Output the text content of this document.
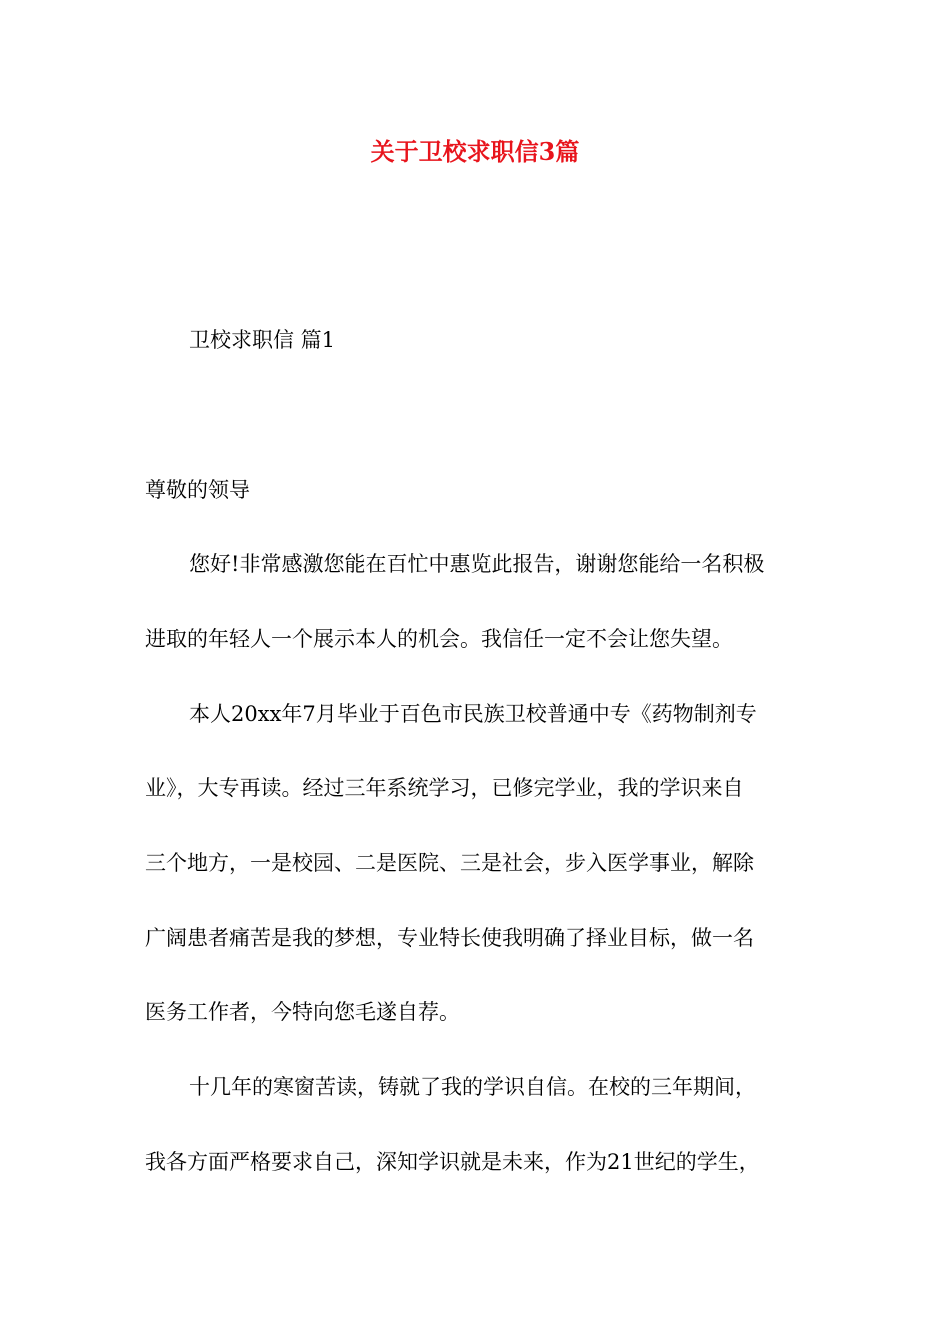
关于卫校求职信3篇

卫校求职信 篇1

尊敬的领导

您好!非常感激您能在百忙中惠览此报告，谢谢您能给一名积极

进取的年轻人一个展示本人的机会。我信任一定不会让您失望。

本人20xx年7月毕业于百色市民族卫校普通中专《药物制剂专

业》，大专再读。经过三年系统学习，已修完学业，我的学识来自

三个地方，一是校园、二是医院、三是社会，步入医学事业，解除

广阔患者痛苦是我的梦想，专业特长使我明确了择业目标，做一名

医务工作者，今特向您毛遂自荐。

十几年的寒窗苦读，铸就了我的学识自信。在校的三年期间，

我各方面严格要求自己，深知学识就是未来，作为21世纪的学生，
